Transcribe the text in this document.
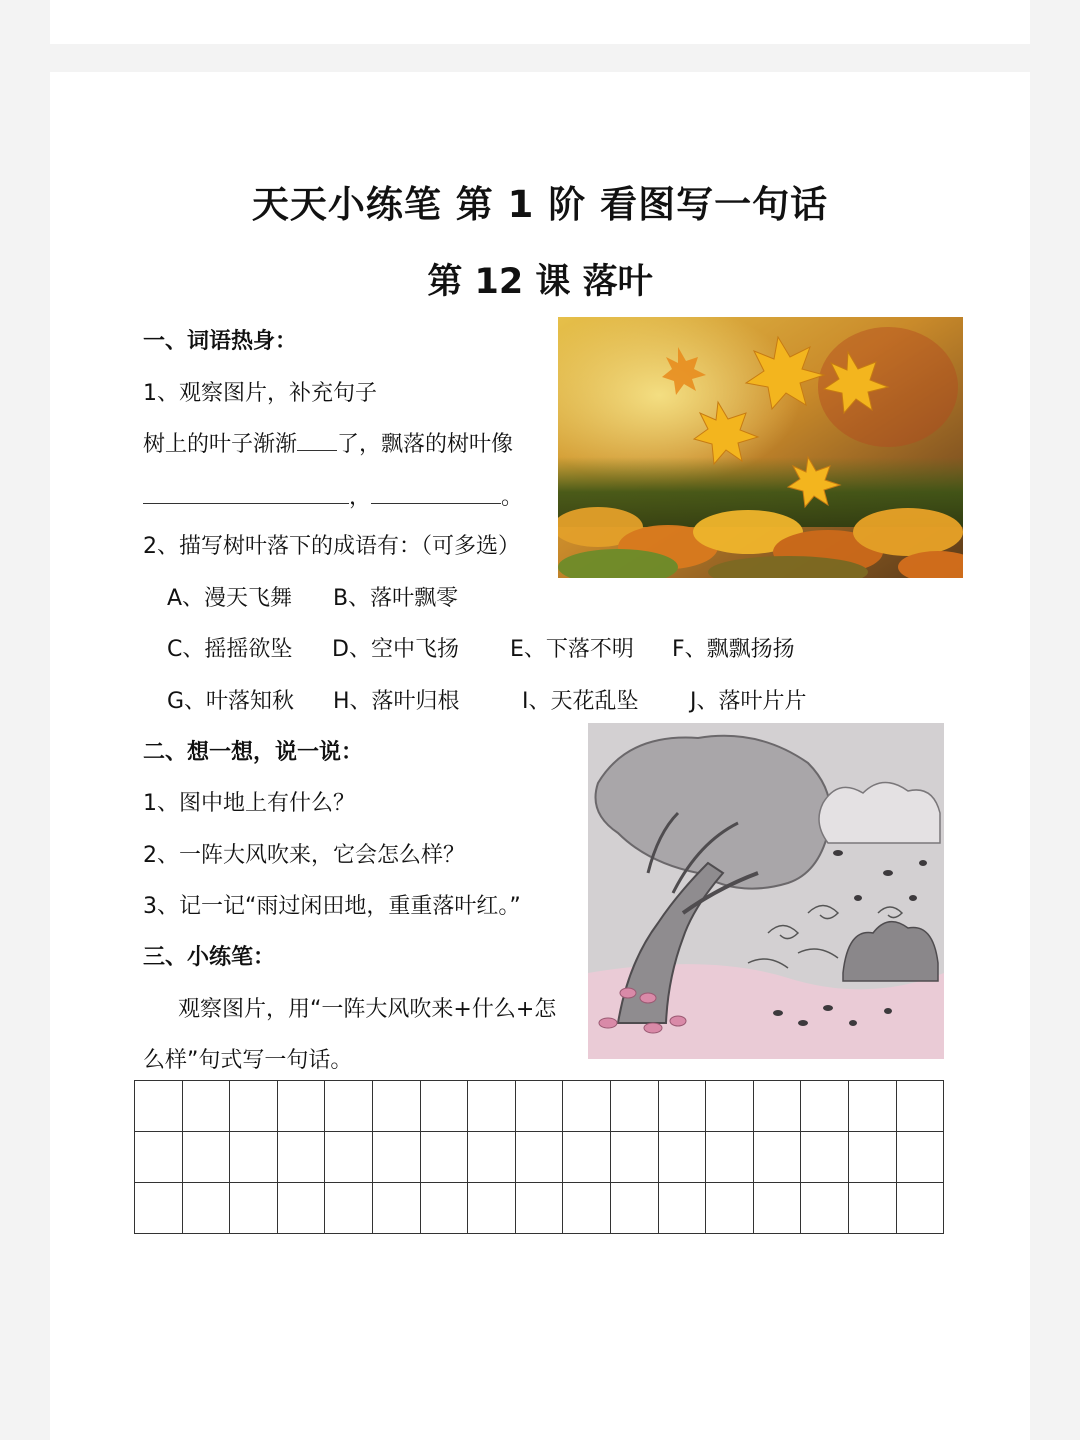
天天小练笔 第 1 阶 看图写一句话
第 12 课 落叶
一、词语热身：
1、观察图片，补充句子
树上的叶子渐渐 了，飘落的树叶像
，	。
2、描写树叶落下的成语有：（可多选）
A、漫天飞舞 B、落叶飘零
C、摇摇欲坠 D、空中飞扬 E、下落不明 F、飘飘扬扬
G、叶落知秋 H、落叶归根	I、天花乱坠 J、落叶片片
二、想一想，说一说：
1、图中地上有什么？
2、一阵大风吹来，它会怎么样？
3、记一记“雨过闲田地，重重落叶红。”
三、小练笔：
观察图片，用“一阵大风吹来+什么+怎
么样”句式写一句话。
